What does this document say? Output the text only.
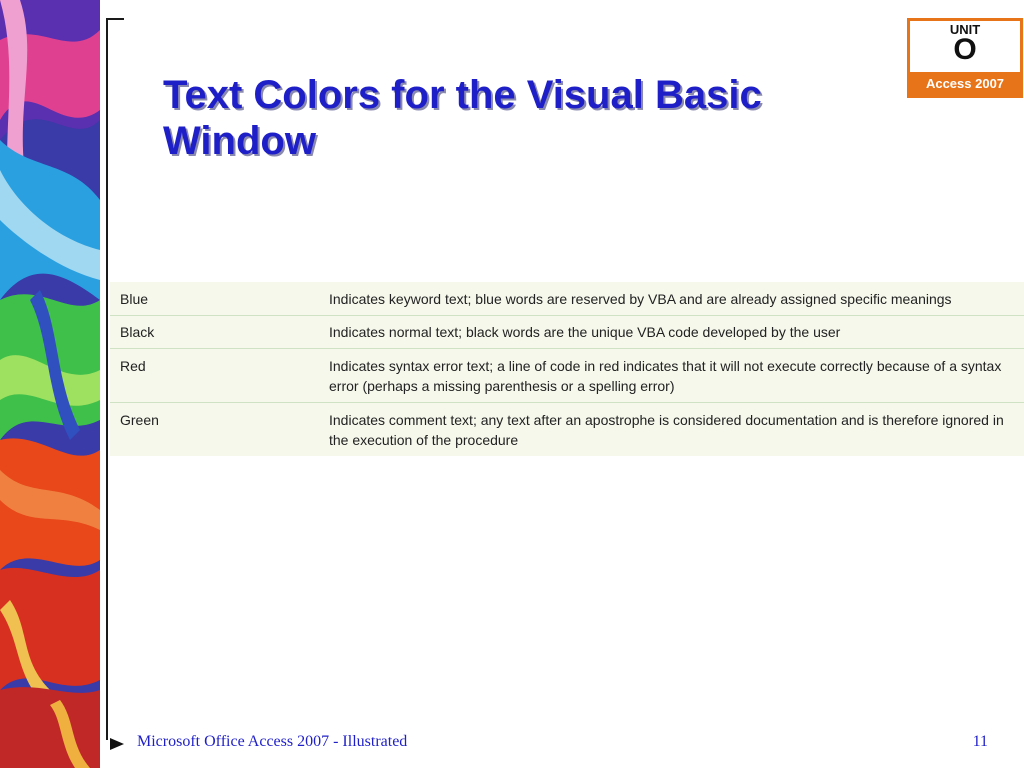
Text Colors for the Visual Basic Window
UNIT
O
Access 2007
Blue	Indicates keyword text; blue words are reserved by VBA and are already assigned specific meanings
Black	Indicates normal text; black words are the unique VBA code developed by the user
Red	Indicates syntax error text; a line of code in red indicates that it will not execute correctly because of a syntax error (perhaps a missing parenthesis or a spelling error)
Green	Indicates comment text; any text after an apostrophe is considered documentation and is therefore ignored in the execution of the procedure
Microsoft Office Access 2007 - Illustrated	11
